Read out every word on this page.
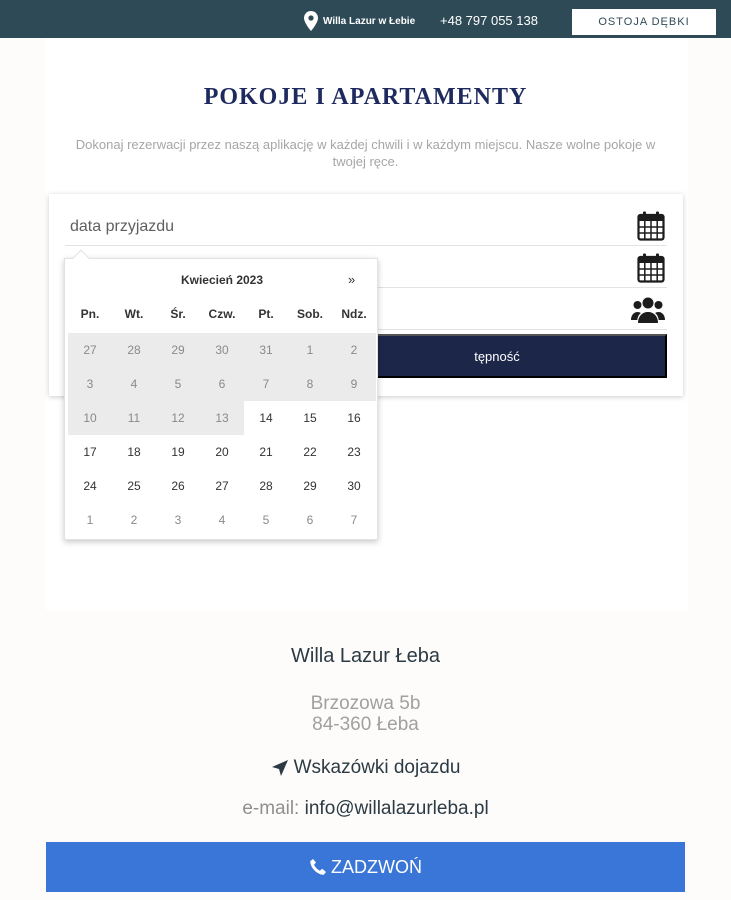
Willa Lazur w Łebie +48 797 055 138	OSTOJA DĘBKI
POKOJE I APARTAMENTY

Dokonaj rezerwacji przez naszą aplikację w każdej chwili i w każdym miejscu. Nasze wolne pokoje w twojej ręce.

data przyjazdu
tępność
Kwiecień 2023	»
Pn.	Wt.	Śr.	Czw.	Pt.	Sob.	Ndz.
27	28	29	30	31	1	2
3	4	5	6	7	8	9
10	11	12	13	14	15	16
17	18	19	20	21	22	23
24	25	26	27	28	29	30
1	2	3	4	5	6	7
Willa Lazur Łeba
Brzozowa 5b
84-360 Łeba
Wskazówki dojazdu
e-mail: info@willalazurleba.pl
ZADZWOŃ
